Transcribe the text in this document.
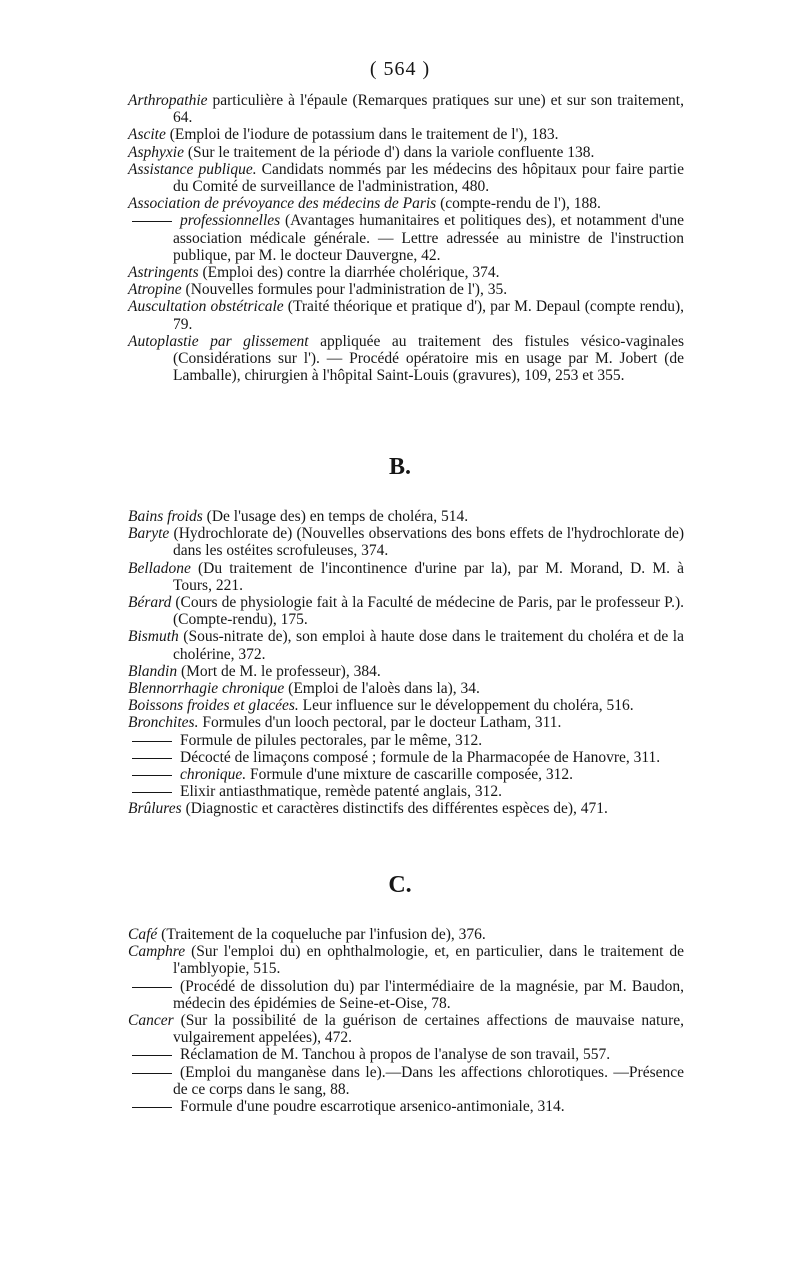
( 564 )

Arthropathie particulière à l'épaule (Remarques pratiques sur une) et sur son traitement, 64.

Ascite (Emploi de l'iodure de potassium dans le traitement de l'), 183.

Asphyxie (Sur le traitement de la période d') dans la variole confluente 138.

Assistance publique. Candidats nommés par les médecins des hôpitaux pour faire partie du Comité de surveillance de l'administration, 480.

Association de prévoyance des médecins de Paris (compte-rendu de l'), 188.

professionnelles (Avantages humanitaires et politiques des), et notamment d'une association médicale générale. — Lettre adressée au ministre de l'instruction publique, par M. le docteur Dauvergne, 42.

Astringents (Emploi des) contre la diarrhée cholérique, 374.

Atropine (Nouvelles formules pour l'administration de l'), 35.

Auscultation obstétricale (Traité théorique et pratique d'), par M. Depaul (compte rendu), 79.

Autoplastie par glissement appliquée au traitement des fistules vésico-vaginales (Considérations sur l'). — Procédé opératoire mis en usage par M. Jobert (de Lamballe), chirurgien à l'hôpital Saint-Louis (gravures), 109, 253 et 355.

B.

Bains froids (De l'usage des) en temps de choléra, 514.

Baryte (Hydrochlorate de) (Nouvelles observations des bons effets de l'hydrochlorate de) dans les ostéites scrofuleuses, 374.

Belladone (Du traitement de l'incontinence d'urine par la), par M. Morand, D. M. à Tours, 221.

Bérard (Cours de physiologie fait à la Faculté de médecine de Paris, par le professeur P.). (Compte-rendu), 175.

Bismuth (Sous-nitrate de), son emploi à haute dose dans le traitement du choléra et de la cholérine, 372.

Blandin (Mort de M. le professeur), 384.

Blennorrhagie chronique (Emploi de l'aloès dans la), 34.

Boissons froides et glacées. Leur influence sur le développement du choléra, 516.

Bronchites. Formules d'un looch pectoral, par le docteur Latham, 311.

Formule de pilules pectorales, par le même, 312.

Décocté de limaçons composé ; formule de la Pharmacopée de Hanovre, 311.

chronique. Formule d'une mixture de cascarille composée, 312.

Elixir antiasthmatique, remède patenté anglais, 312.

Brûlures (Diagnostic et caractères distinctifs des différentes espèces de), 471.

C.

Café (Traitement de la coqueluche par l'infusion de), 376.

Camphre (Sur l'emploi du) en ophthalmologie, et, en particulier, dans le traitement de l'amblyopie, 515.

(Procédé de dissolution du) par l'intermédiaire de la magnésie, par M. Baudon, médecin des épidémies de Seine-et-Oise, 78.

Cancer (Sur la possibilité de la guérison de certaines affections de mauvaise nature, vulgairement appelées), 472.

Réclamation de M. Tanchou à propos de l'analyse de son travail, 557.

(Emploi du manganèse dans le).—Dans les affections chlorotiques. —Présence de ce corps dans le sang, 88.

Formule d'une poudre escarrotique arsenico-antimoniale, 314.
